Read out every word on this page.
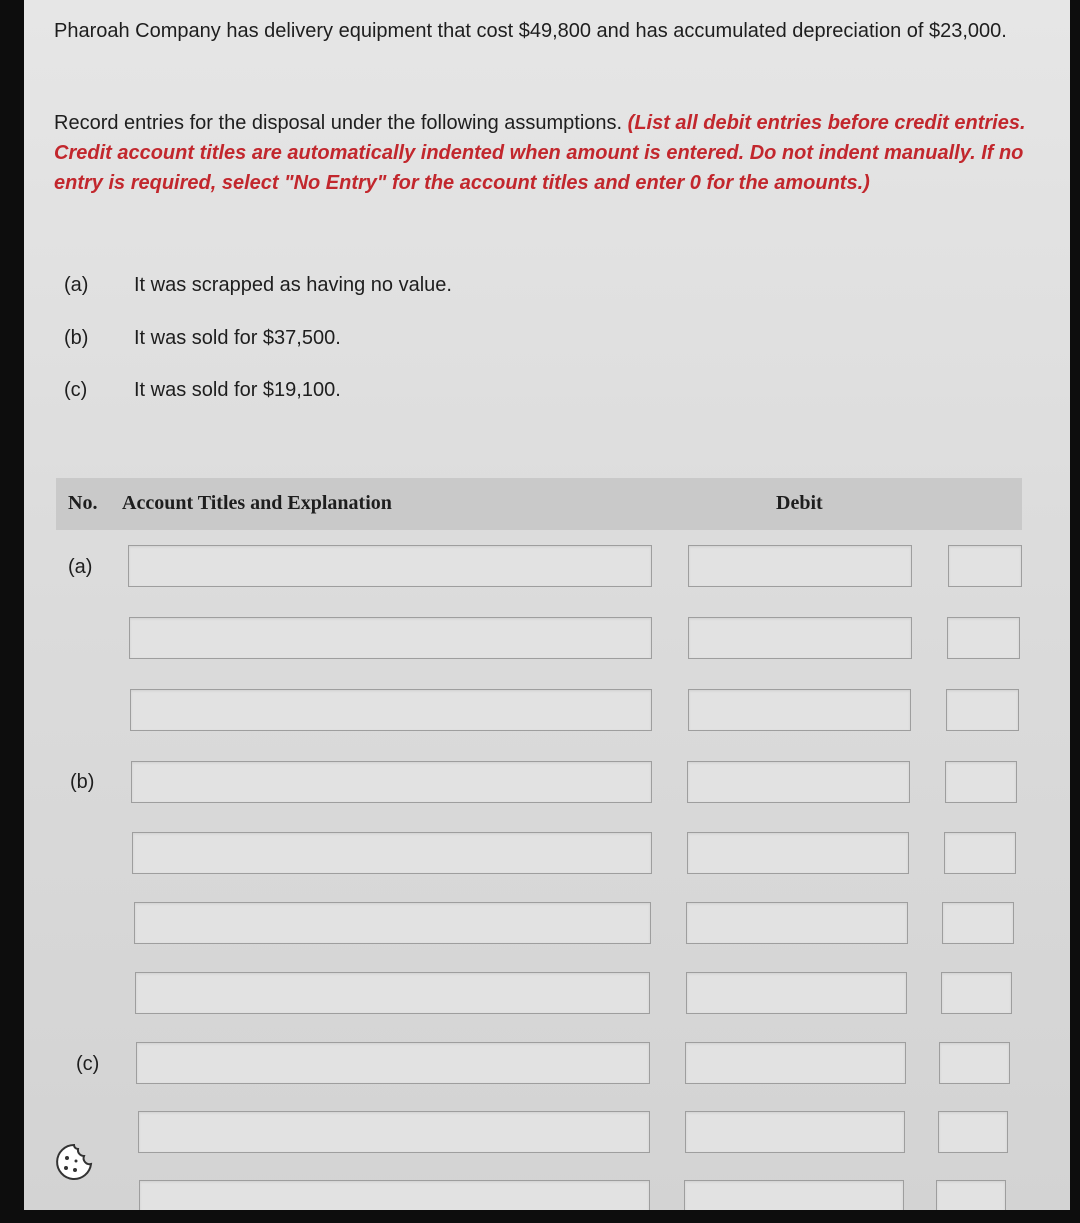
Pharoah Company has delivery equipment that cost $49,800 and has accumulated depreciation of $23,000.
Record entries for the disposal under the following assumptions. (List all debit entries before credit entries. Credit account titles are automatically indented when amount is entered. Do not indent manually. If no entry is required, select "No Entry" for the account titles and enter 0 for the amounts.)
(a) It was scrapped as having no value.
(b) It was sold for $37,500.
(c) It was sold for $19,100.
No. Account Titles and Explanation	Debit
(a)
(b)
(c)
